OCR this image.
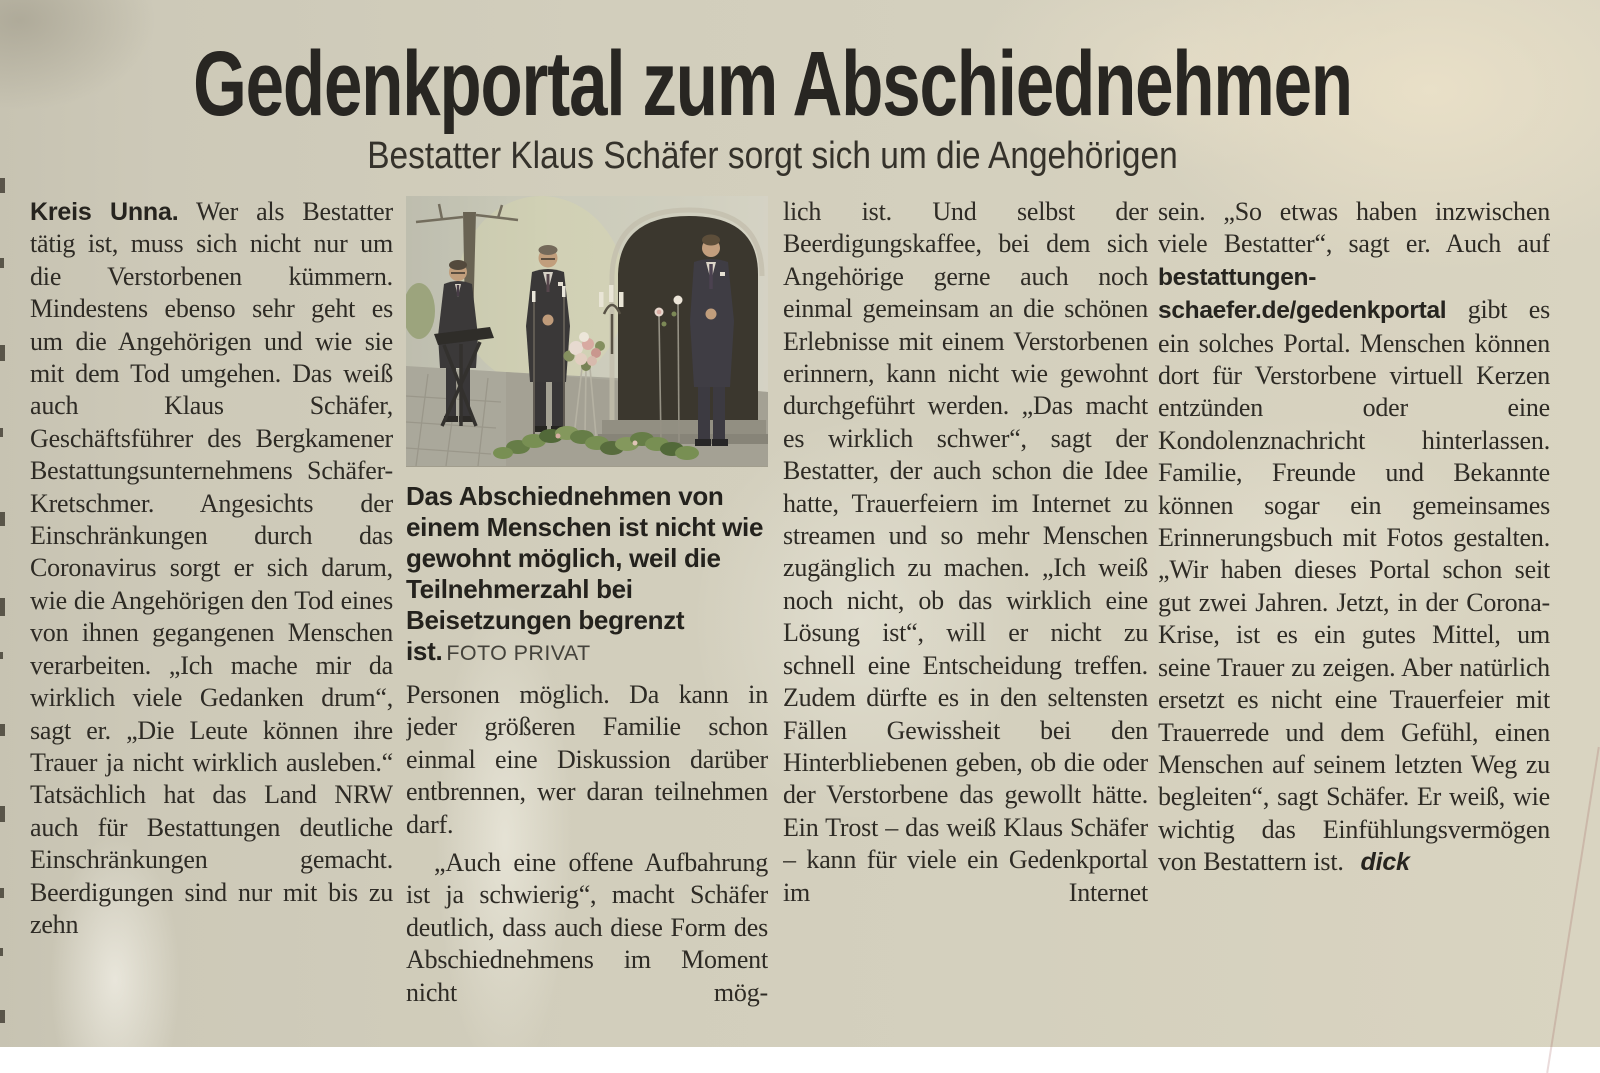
Gedenkportal zum Abschiednehmen
Bestatter Klaus Schäfer sorgt sich um die Angehörigen

Kreis Unna. Wer als Bestatter tätig ist, muss sich nicht nur um die Verstorbenen kümmern. Mindestens ebenso sehr geht es um die Angehörigen und wie sie mit dem Tod umgehen. Das weiß auch Klaus Schäfer, Geschäftsführer des Bergkamener Bestattungsunternehmens Schäfer-Kretschmer. Angesichts der Einschränkungen durch das Coronavirus sorgt er sich darum, wie die Angehörigen den Tod eines von ihnen gegangenen Menschen verarbeiten. „Ich mache mir da wirklich viele Gedanken drum“, sagt er. „Die Leute können ihre Trauer ja nicht wirklich ausleben.“ Tatsächlich hat das Land NRW auch für Bestattungen deutliche Einschränkungen gemacht. Beerdigungen sind nur mit bis zu zehn

Das Abschiednehmen von einem Menschen ist nicht wie gewohnt möglich, weil die Teilnehmerzahl bei Beisetzungen begrenzt ist. FOTO PRIVAT

Personen möglich. Da kann in jeder größeren Familie schon einmal eine Diskussion darüber entbrennen, wer daran teilnehmen darf.

„Auch eine offene Aufbahrung ist ja schwierig“, macht Schäfer deutlich, dass auch diese Form des Abschiednehmens im Moment nicht mög-

lich ist. Und selbst der Beerdigungskaffee, bei dem sich Angehörige gerne auch noch einmal gemeinsam an die schönen Erlebnisse mit einem Verstorbenen erinnern, kann nicht wie gewohnt durchgeführt werden. „Das macht es wirklich schwer“, sagt der Bestatter, der auch schon die Idee hatte, Trauerfeiern im Internet zu streamen und so mehr Menschen zugänglich zu machen. „Ich weiß noch nicht, ob das wirklich eine Lösung ist“, will er nicht zu schnell eine Entscheidung treffen. Zudem dürfte es in den seltensten Fällen Gewissheit bei den Hinterbliebenen geben, ob die oder der Verstorbene das gewollt hätte. Ein Trost – das weiß Klaus Schäfer – kann für viele ein Gedenkportal im Internet

sein. „So etwas haben inzwischen viele Bestatter“, sagt er. Auch auf bestattungen-schaefer.de/gedenkportal gibt es ein solches Portal. Menschen können dort für Verstorbene virtuell Kerzen entzünden oder eine Kondolenznachricht hinterlassen. Familie, Freunde und Bekannte können sogar ein gemeinsames Erinnerungsbuch mit Fotos gestalten. „Wir haben dieses Portal schon seit gut zwei Jahren. Jetzt, in der Corona-Krise, ist es ein gutes Mittel, um seine Trauer zu zeigen. Aber natürlich ersetzt es nicht eine Trauerfeier mit Trauerrede und dem Gefühl, einen Menschen auf seinem letzten Weg zu begleiten“, sagt Schäfer. Er weiß, wie wichtig das Einfühlungsvermögen von Bestattern ist. dick
